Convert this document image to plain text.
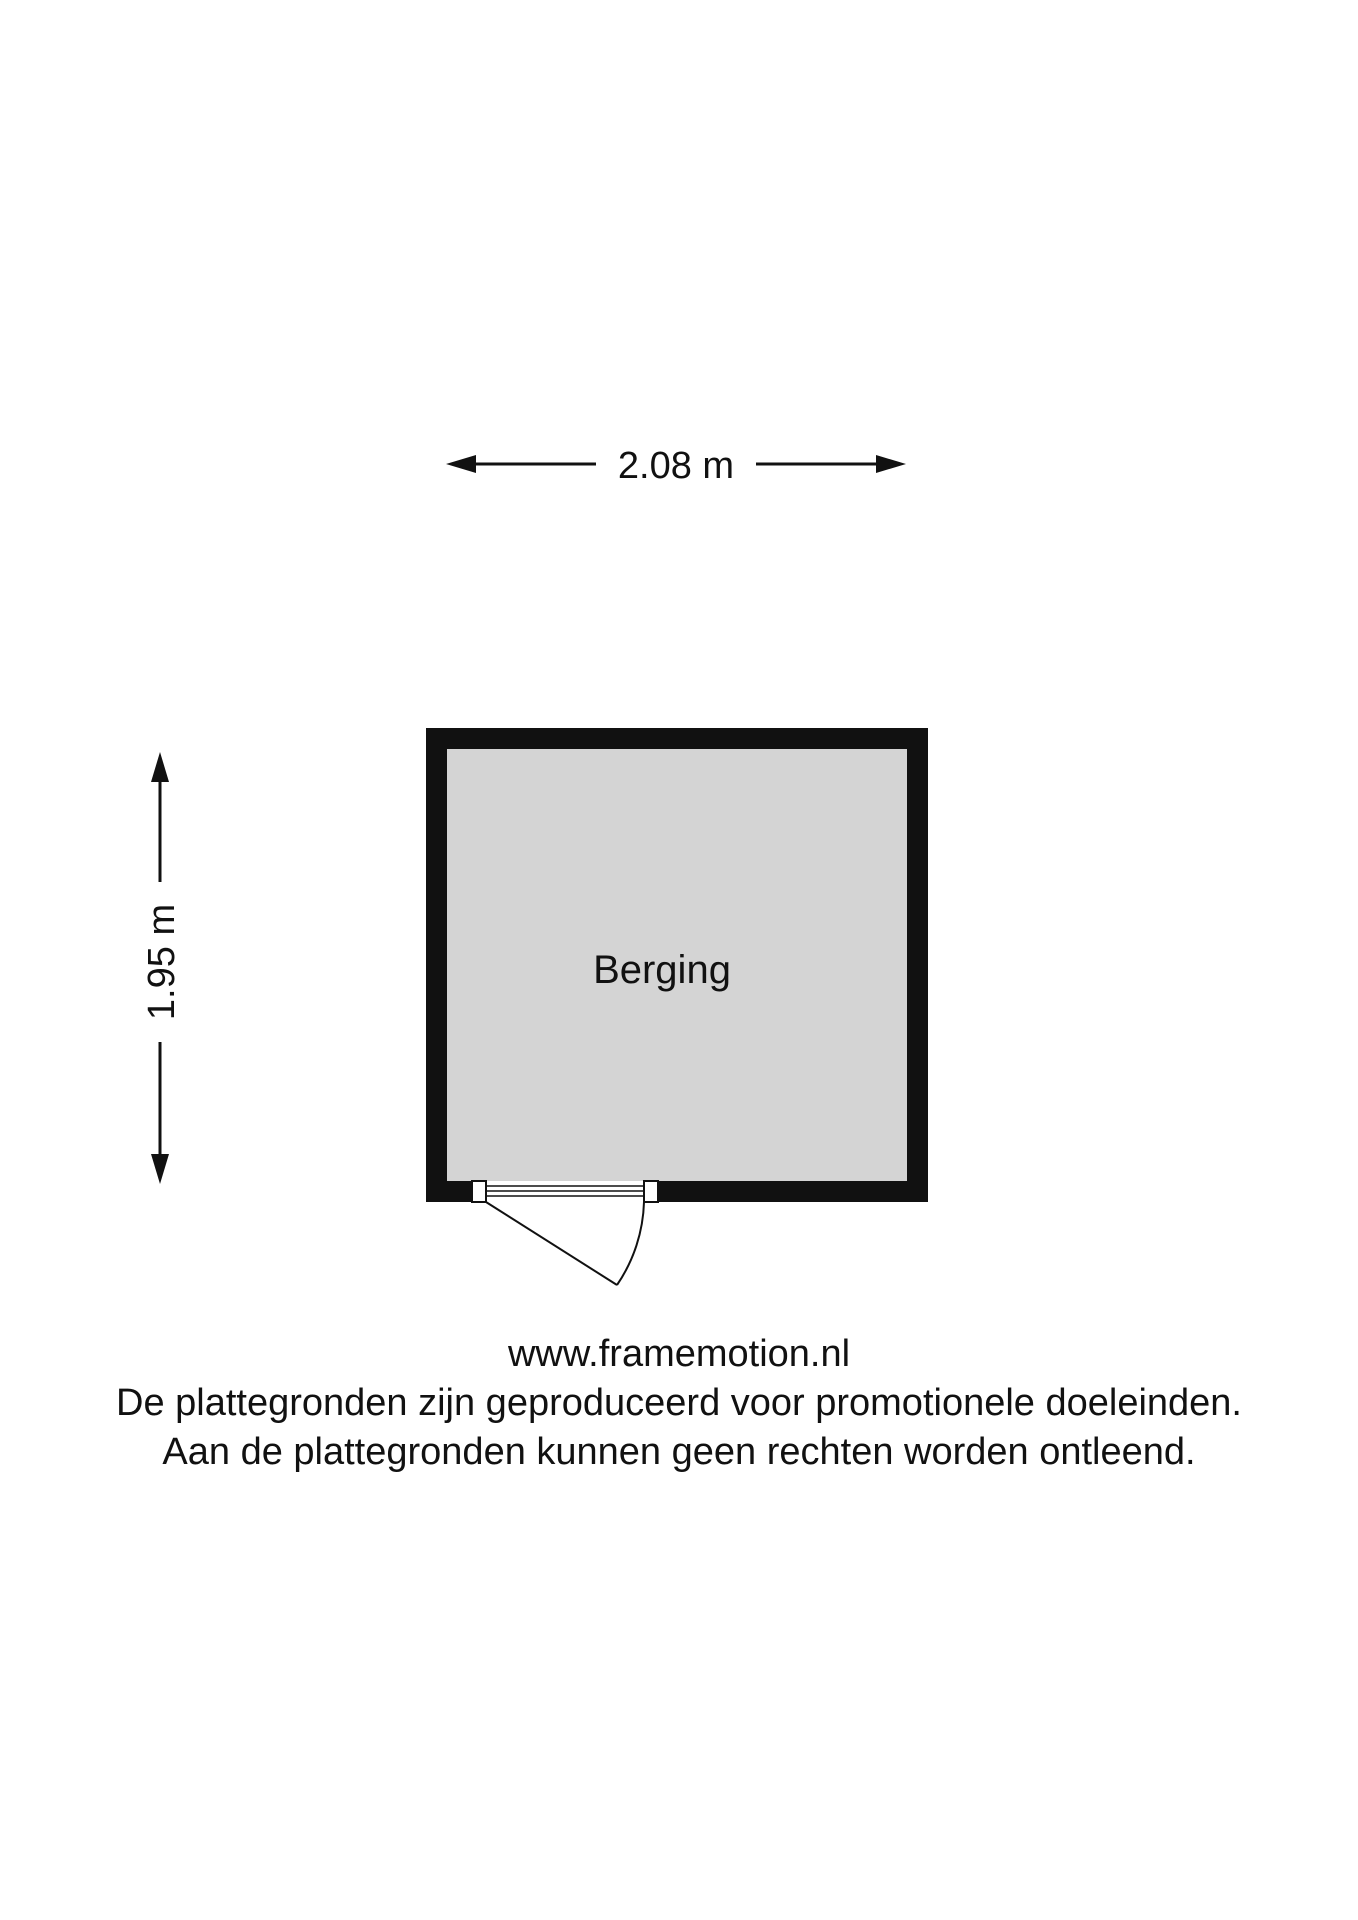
2.08 m
1.95 m	Berging
www.framemotion.nl
De plattegronden zijn geproduceerd voor promotionele doeleinden.
Aan de plattegronden kunnen geen rechten worden ontleend.
